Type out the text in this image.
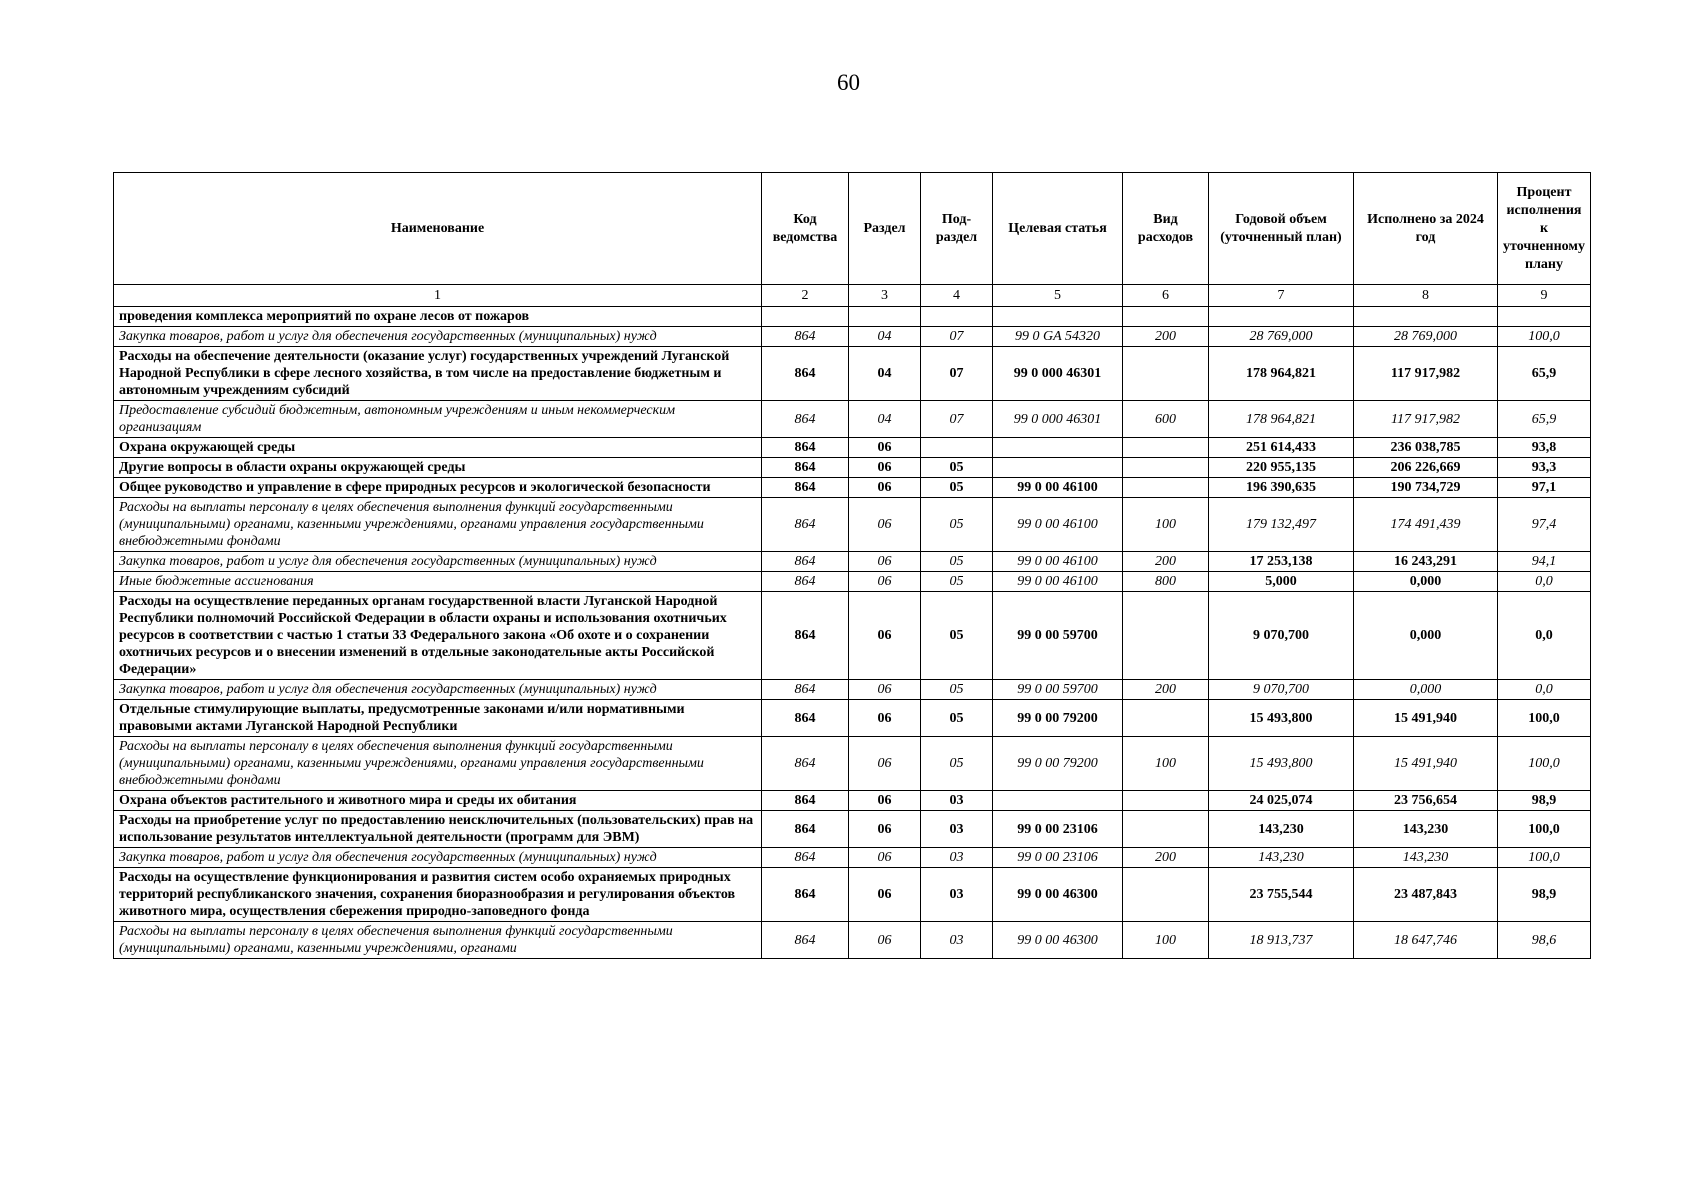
60
Наименование	Код ведомства	Раздел	Под-раздел	Целевая статья	Вид расходов	Годовой объем (уточненный план)	Исполнено за 2024 год	Процент исполнения к уточненному плану
1	2	3	4	5	6	7	8	9
проведения комплекса мероприятий по охране лесов от пожаров								
Закупка товаров, работ и услуг для обеспечения государственных (муниципальных) нужд	864	04	07	99 0 GA 54320	200	28 769,000	28 769,000	100,0
Расходы на обеспечение деятельности (оказание услуг) государственных учреждений Луганской Народной Республики в сфере лесного хозяйства, в том числе на предоставление бюджетным и автономным учреждениям субсидий	864	04	07	99 0 000 46301		178 964,821	117 917,982	65,9
Предоставление субсидий бюджетным, автономным учреждениям и иным некоммерческим организациям	864	04	07	99 0 000 46301	600	178 964,821	117 917,982	65,9
Охрана окружающей среды	864	06				251 614,433	236 038,785	93,8
Другие вопросы в области охраны окружающей среды	864	06	05			220 955,135	206 226,669	93,3
Общее руководство и управление в сфере природных ресурсов и экологической безопасности	864	06	05	99 0 00 46100		196 390,635	190 734,729	97,1
Расходы на выплаты персоналу в целях обеспечения выполнения функций государственными (муниципальными) органами, казенными учреждениями, органами управления государственными внебюджетными фондами	864	06	05	99 0 00 46100	100	179 132,497	174 491,439	97,4
Закупка товаров, работ и услуг для обеспечения государственных (муниципальных) нужд	864	06	05	99 0 00 46100	200	17 253,138	16 243,291	94,1
Иные бюджетные ассигнования	864	06	05	99 0 00 46100	800	5,000	0,000	0,0
Расходы на осуществление переданных органам государственной власти Луганской Народной Республики полномочий Российской Федерации в области охраны и использования охотничьих ресурсов в соответствии с частью 1 статьи 33 Федерального закона «Об охоте и о сохранении охотничьих ресурсов и о внесении изменений в отдельные законодательные акты Российской Федерации»	864	06	05	99 0 00 59700		9 070,700	0,000	0,0
Закупка товаров, работ и услуг для обеспечения государственных (муниципальных) нужд	864	06	05	99 0 00 59700	200	9 070,700	0,000	0,0
Отдельные стимулирующие выплаты, предусмотренные законами и/или нормативными правовыми актами Луганской Народной Республики	864	06	05	99 0 00 79200		15 493,800	15 491,940	100,0
Расходы на выплаты персоналу в целях обеспечения выполнения функций государственными (муниципальными) органами, казенными учреждениями, органами управления государственными внебюджетными фондами	864	06	05	99 0 00 79200	100	15 493,800	15 491,940	100,0
Охрана объектов растительного и животного мира и среды их обитания	864	06	03			24 025,074	23 756,654	98,9
Расходы на приобретение услуг по предоставлению неисключительных (пользовательских) прав на использование результатов интеллектуальной деятельности (программ для ЭВМ)	864	06	03	99 0 00 23106		143,230	143,230	100,0
Закупка товаров, работ и услуг для обеспечения государственных (муниципальных) нужд	864	06	03	99 0 00 23106	200	143,230	143,230	100,0
Расходы на осуществление функционирования и развития систем особо охраняемых природных территорий республиканского значения, сохранения биоразнообразия и регулирования объектов животного мира, осуществления сбережения природно-заповедного фонда	864	06	03	99 0 00 46300		23 755,544	23 487,843	98,9
Расходы на выплаты персоналу в целях обеспечения выполнения функций государственными (муниципальными) органами, казенными учреждениями, органами	864	06	03	99 0 00 46300	100	18 913,737	18 647,746	98,6
